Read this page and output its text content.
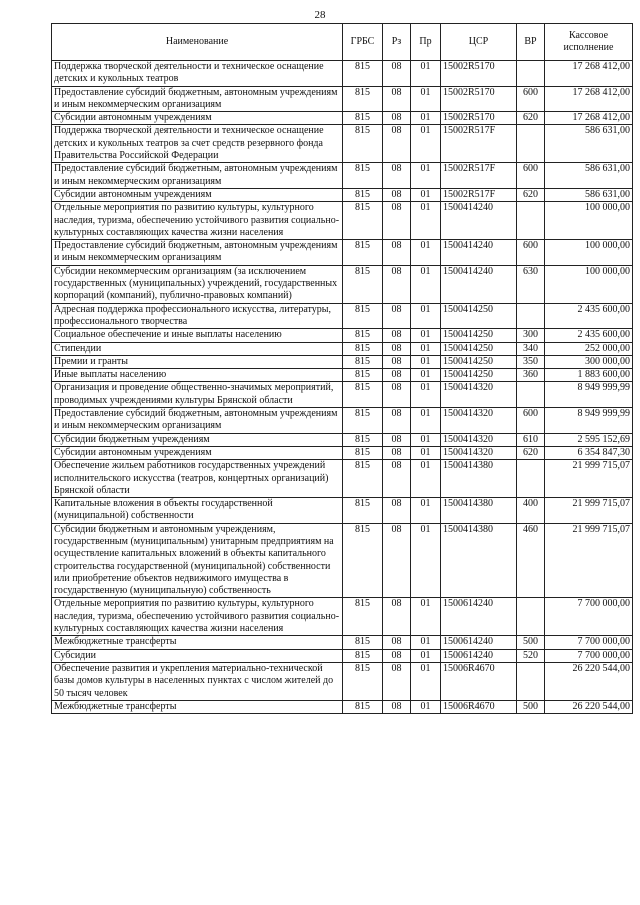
28
Наименование	ГРБС	Рз	Пр	ЦСР	ВР	Кассовое исполнение
Поддержка творческой деятельности и техническое оснащение детских и кукольных театров	815	08	01	15002R5170		17 268 412,00
Предоставление субсидий бюджетным, автономным учреждениям и иным некоммерческим организациям	815	08	01	15002R5170	600	17 268 412,00
Субсидии автономным учреждениям	815	08	01	15002R5170	620	17 268 412,00
Поддержка творческой деятельности и техническое оснащение детских и кукольных театров за счет средств резервного фонда Правительства Российской Федерации	815	08	01	15002R517F		586 631,00
Предоставление субсидий бюджетным, автономным учреждениям и иным некоммерческим организациям	815	08	01	15002R517F	600	586 631,00
Субсидии автономным учреждениям	815	08	01	15002R517F	620	586 631,00
Отдельные мероприятия по развитию культуры, культурного наследия, туризма, обеспечению устойчивого развития социально-культурных составляющих качества жизни населения	815	08	01	1500414240		100 000,00
Предоставление субсидий бюджетным, автономным учреждениям и иным некоммерческим организациям	815	08	01	1500414240	600	100 000,00
Субсидии некоммерческим организациям (за исключением государственных (муниципальных) учреждений, государственных корпораций (компаний), публично-правовых компаний)	815	08	01	1500414240	630	100 000,00
Адресная поддержка профессионального искусства, литературы, профессионального творчества	815	08	01	1500414250		2 435 600,00
Социальное обеспечение и иные выплаты населению	815	08	01	1500414250	300	2 435 600,00
Стипендии	815	08	01	1500414250	340	252 000,00
Премии и гранты	815	08	01	1500414250	350	300 000,00
Иные выплаты населению	815	08	01	1500414250	360	1 883 600,00
Организация и проведение общественно-значимых мероприятий, проводимых учреждениями культуры Брянской области	815	08	01	1500414320		8 949 999,99
Предоставление субсидий бюджетным, автономным учреждениям и иным некоммерческим организациям	815	08	01	1500414320	600	8 949 999,99
Субсидии бюджетным учреждениям	815	08	01	1500414320	610	2 595 152,69
Субсидии автономным учреждениям	815	08	01	1500414320	620	6 354 847,30
Обеспечение жильем работников государственных учреждений исполнительского искусства (театров, концертных организаций) Брянской области	815	08	01	1500414380		21 999 715,07
Капитальные вложения в объекты государственной (муниципальной) собственности	815	08	01	1500414380	400	21 999 715,07
Субсидии бюджетным и автономным учреждениям, государственным (муниципальным) унитарным предприятиям на осуществление капитальных вложений в объекты капитального строительства государственной (муниципальной) собственности или приобретение объектов недвижимого имущества в государственную (муниципальную) собственность	815	08	01	1500414380	460	21 999 715,07
Отдельные мероприятия по развитию культуры, культурного наследия, туризма, обеспечению устойчивого развития социально-культурных составляющих качества жизни населения	815	08	01	1500614240		7 700 000,00
Межбюджетные трансферты	815	08	01	1500614240	500	7 700 000,00
Субсидии	815	08	01	1500614240	520	7 700 000,00
Обеспечение развития и укрепления материально-технической базы домов культуры в населенных пунктах с числом жителей до 50 тысяч человек	815	08	01	15006R4670		26 220 544,00
Межбюджетные трансферты	815	08	01	15006R4670	500	26 220 544,00
